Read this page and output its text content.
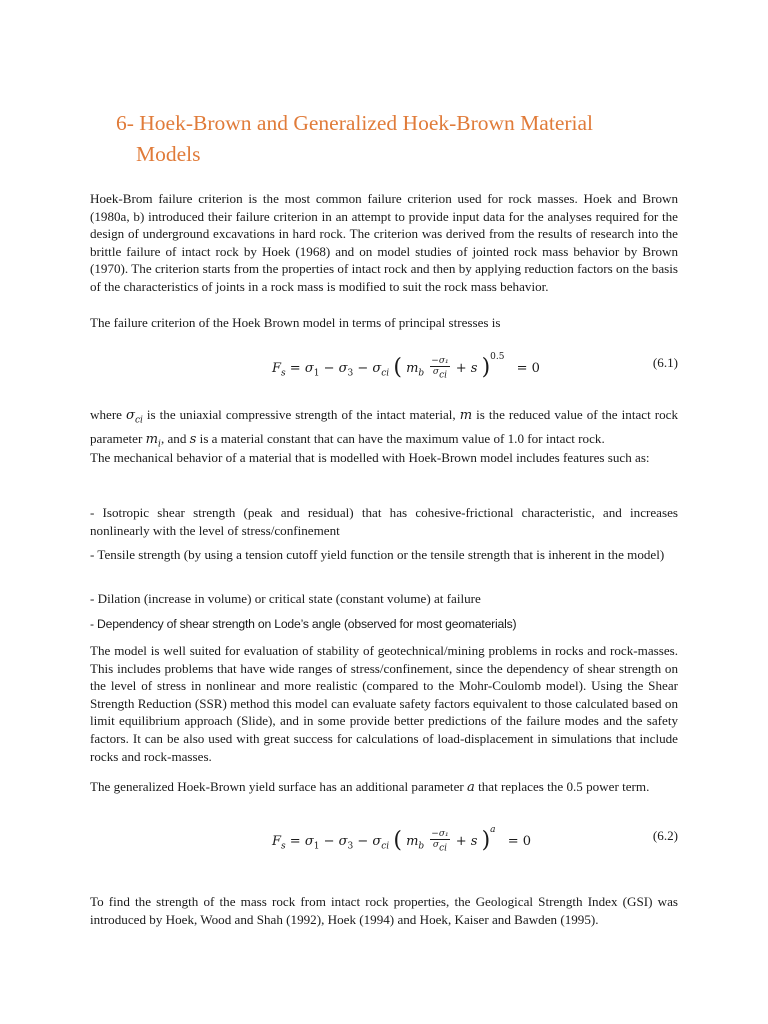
6- Hoek-Brown and Generalized Hoek-Brown Material
Models

Hoek-Brom failure criterion is the most common failure criterion used for rock masses. Hoek and Brown (1980a, b) introduced their failure criterion in an attempt to provide input data for the analyses required for the design of underground excavations in hard rock. The criterion was derived from the results of research into the brittle failure of intact rock by Hoek (1968) and on model studies of jointed rock mass behavior by Brown (1970). The criterion starts from the properties of intact rock and then by applying reduction factors on the basis of the characteristics of joints in a rock mass is modified to suit the rock mass behavior.

The failure criterion of the Hoek Brown model in terms of principal stresses is

$F_s = \sigma_1 - \sigma_3 - \sigma_{ci}$ ( $m_b \frac{\text{−σ₁}}{\sigma_{ci}} + s$ )0.5 = 0	(6.1)

where $\sigma_{ci}$ is the uniaxial compressive strength of the intact material, m is the reduced value of the intact rock parameter $m_i$, and s is a material constant that can have the maximum value of 1.0 for intact rock.

The mechanical behavior of a material that is modelled with Hoek-Brown model includes features such as:

- Isotropic shear strength (peak and residual) that has cohesive-frictional characteristic, and increases nonlinearly with the level of stress/confinement

- Tensile strength (by using a tension cutoff yield function or the tensile strength that is inherent in the model)

- Dilation (increase in volume) or critical state (constant volume) at failure

- Dependency of shear strength on Lode’s angle (observed for most geomaterials)

The model is well suited for evaluation of stability of geotechnical/mining problems in rocks and rock-masses. This includes problems that have wide ranges of stress/confinement, since the dependency of shear strength on the level of stress in nonlinear and more realistic (compared to the Mohr-Coulomb model). Using the Shear Strength Reduction (SSR) method this model can evaluate safety factors equivalent to those calculated based on limit equilibrium approach (Slide), and in some provide better predictions of the failure modes and the safety factors. It can be also used with great success for calculations of load-displacement in simulations that include rocks and rock-masses.

The generalized Hoek-Brown yield surface has an additional parameter a that replaces the 0.5 power term.

$F_s = \sigma_1 - \sigma_3 - \sigma_{ci}$ ( $m_b \frac{\text{−σ₁}}{\sigma_{ci}} + s$ )a = 0	(6.2)

To find the strength of the mass rock from intact rock properties, the Geological Strength Index (GSI) was introduced by Hoek, Wood and Shah (1992), Hoek (1994) and Hoek, Kaiser and Bawden (1995).
